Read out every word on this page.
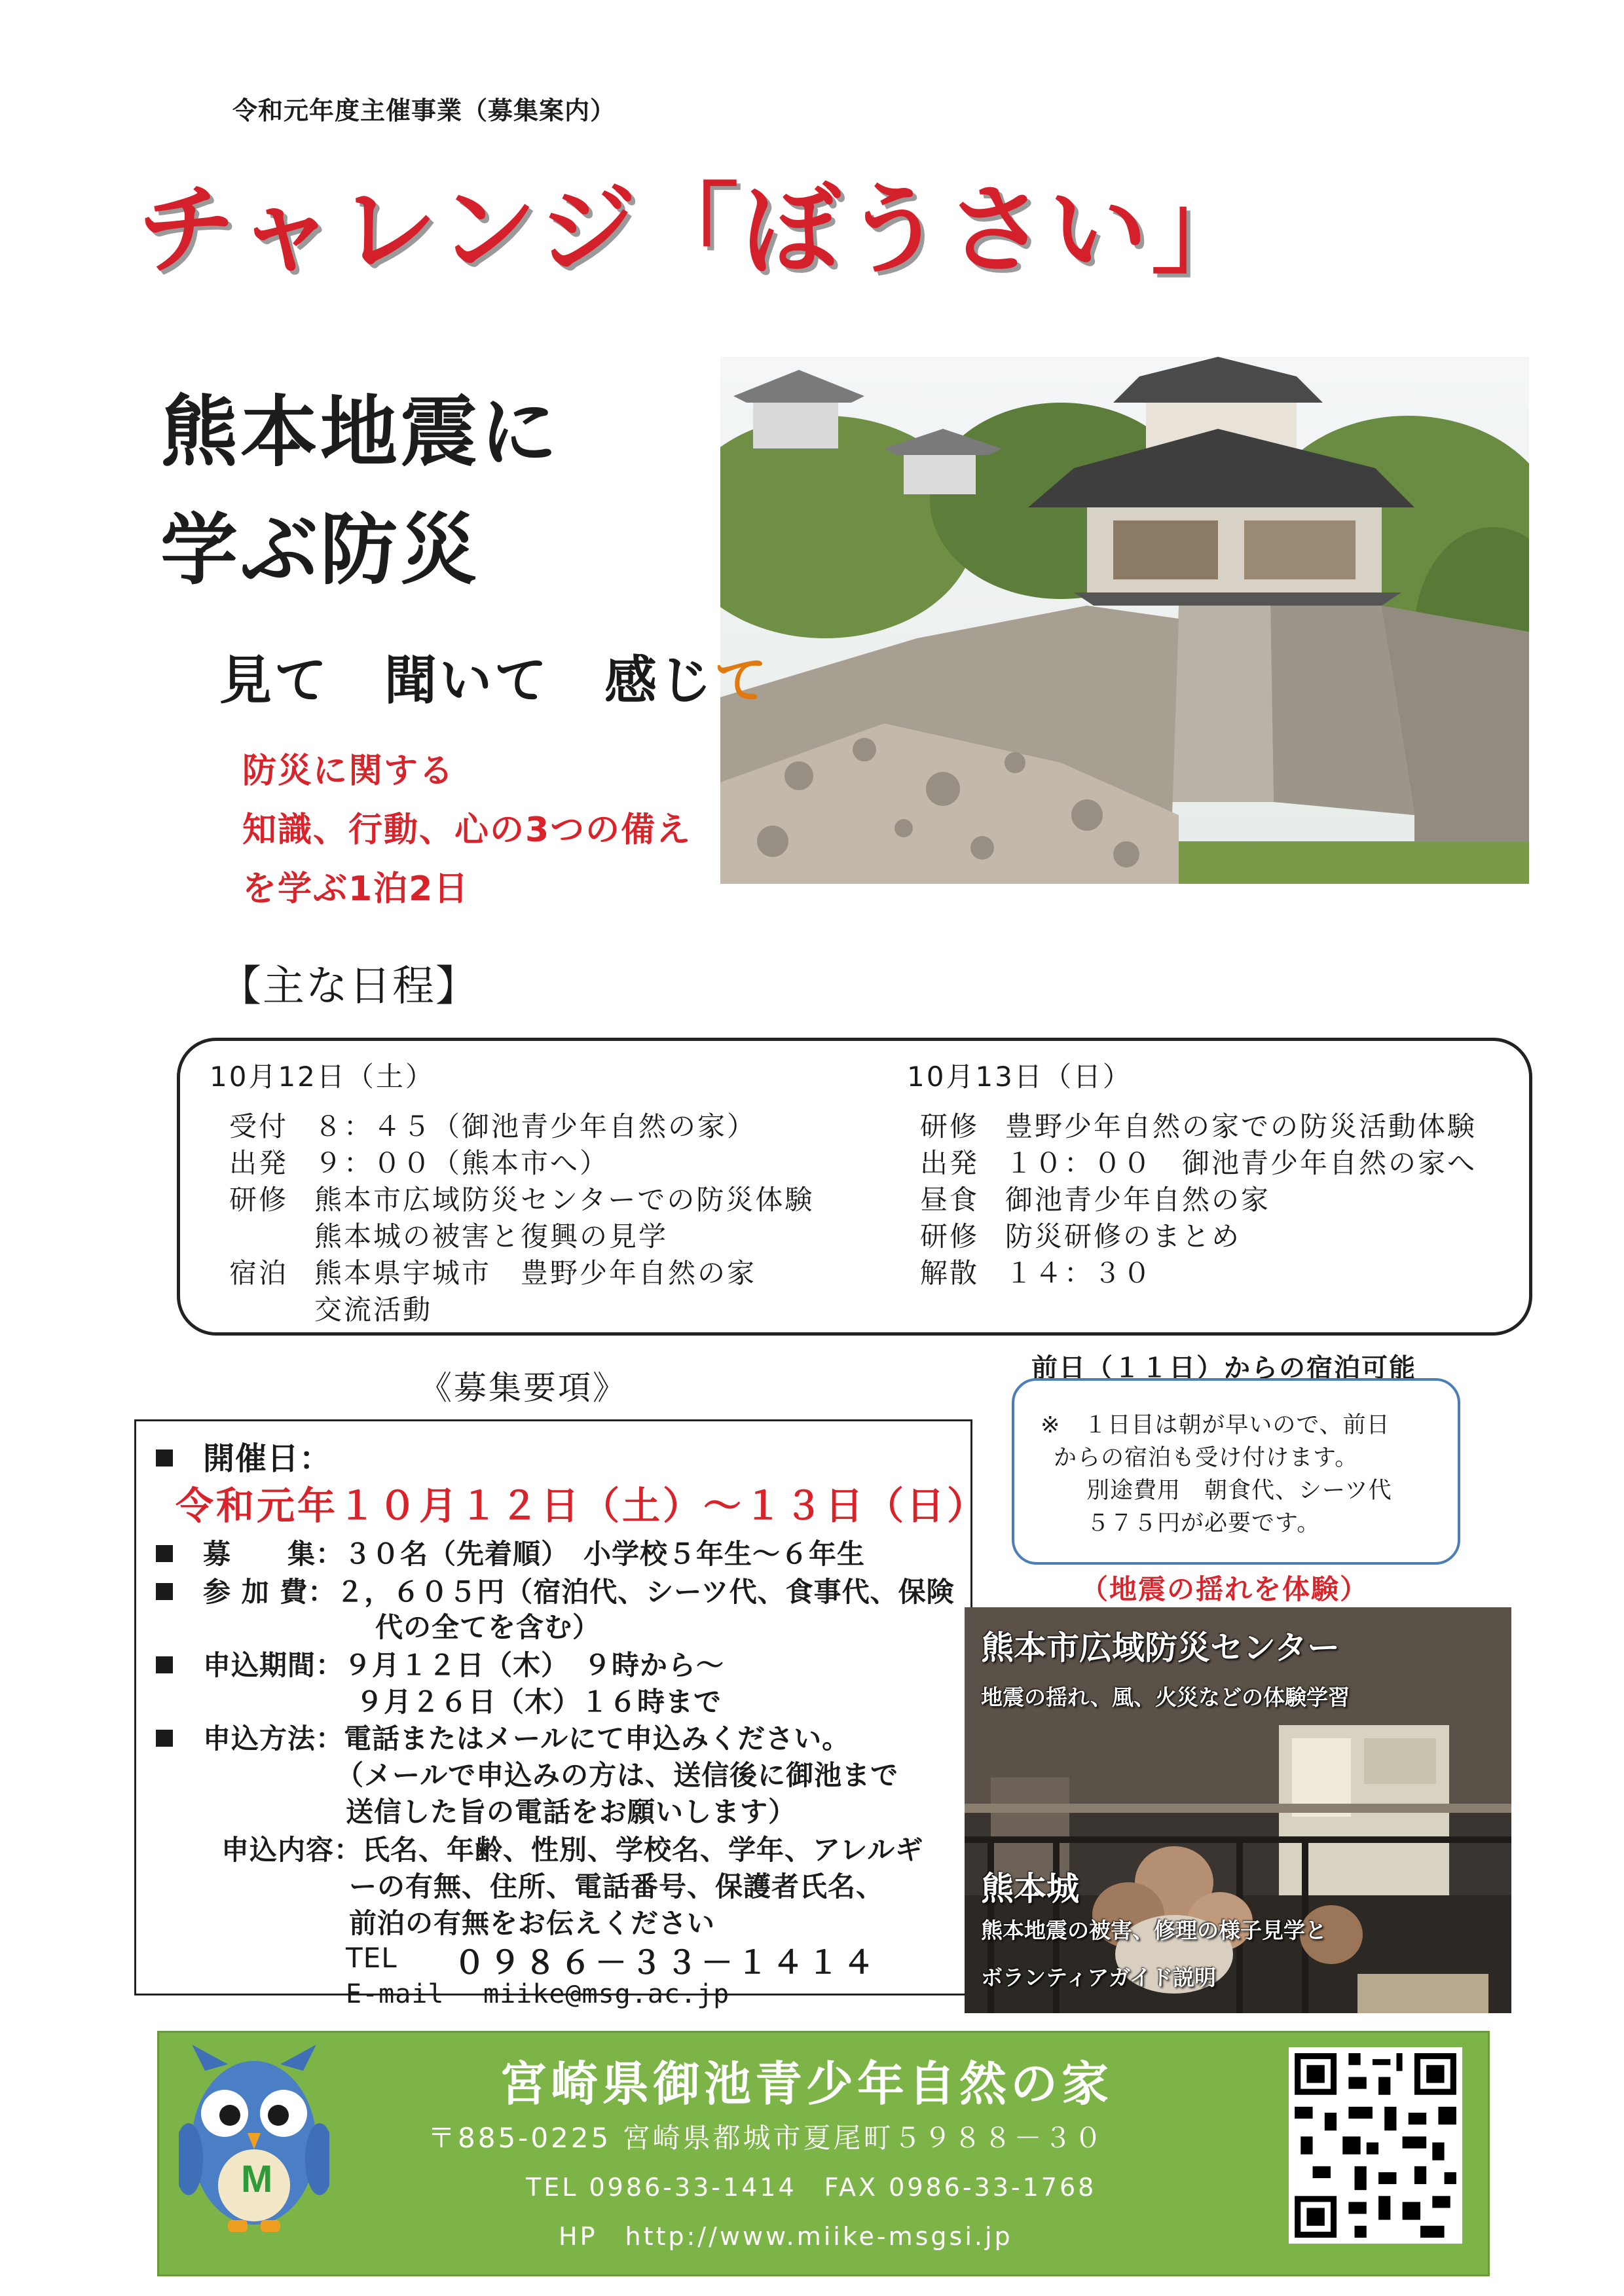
令和元年度主催事業（募集案内）
チャレンジ「ぼうさい」
熊本地震に
学ぶ防災
見て　聞いて　感じて
防災に関する
知識、行動、心の3つの備え
を学ぶ1泊2日
【主な日程】
10月12日（土）
受付 ８：４５（御池青少年自然の家）
出発 ９：００（熊本市へ）
研修 熊本市広域防災センターでの防災体験
熊本城の被害と復興の見学
宿泊 熊本県宇城市　豊野少年自然の家
交流活動
10月13日（日）
研修 豊野少年自然の家での防災活動体験
出発 １０：００　御池青少年自然の家へ
昼食 御池青少年自然の家
研修 防災研修のまとめ
解散 １４：３０
《募集要項》
開催日：
令和元年１０月１２日（土）～１３日（日）
募　　集：３０名（先着順）　小学校５年生～６年生
参 加 費：２，６０５円（宿泊代、シーツ代、食事代、保険
代の全てを含む）
申込期間：９月１２日（木）　９時から～
９月２６日（木）１６時まで
申込方法：電話またはメールにて申込みください。
（メールで申込みの方は、送信後に御池まで
送信した旨の電話をお願いします）
申込内容：氏名、年齢、性別、学校名、学年、アレルギ
ーの有無、住所、電話番号、保護者氏名、
前泊の有無をお伝えください
TEL ０９８６－３３－１４１４
E-mail miike@msg.ac.jp
前日（１１日）からの宿泊可能
※　１日目は朝が早いので、前日
からの宿泊も受け付けます。
別途費用　朝食代、シーツ代
５７５円が必要です。
（地震の揺れを体験）
熊本市広域防災センター
地震の揺れ、風、火災などの体験学習
熊本城
熊本地震の被害、修理の様子見学と
ボランティアガイド説明
M
宮崎県御池青少年自然の家
〒885-0225 宮崎県都城市夏尾町５９８８－３０
TEL 0986-33-1414　FAX 0986-33-1768
HP　http://www.miike-msgsi.jp
